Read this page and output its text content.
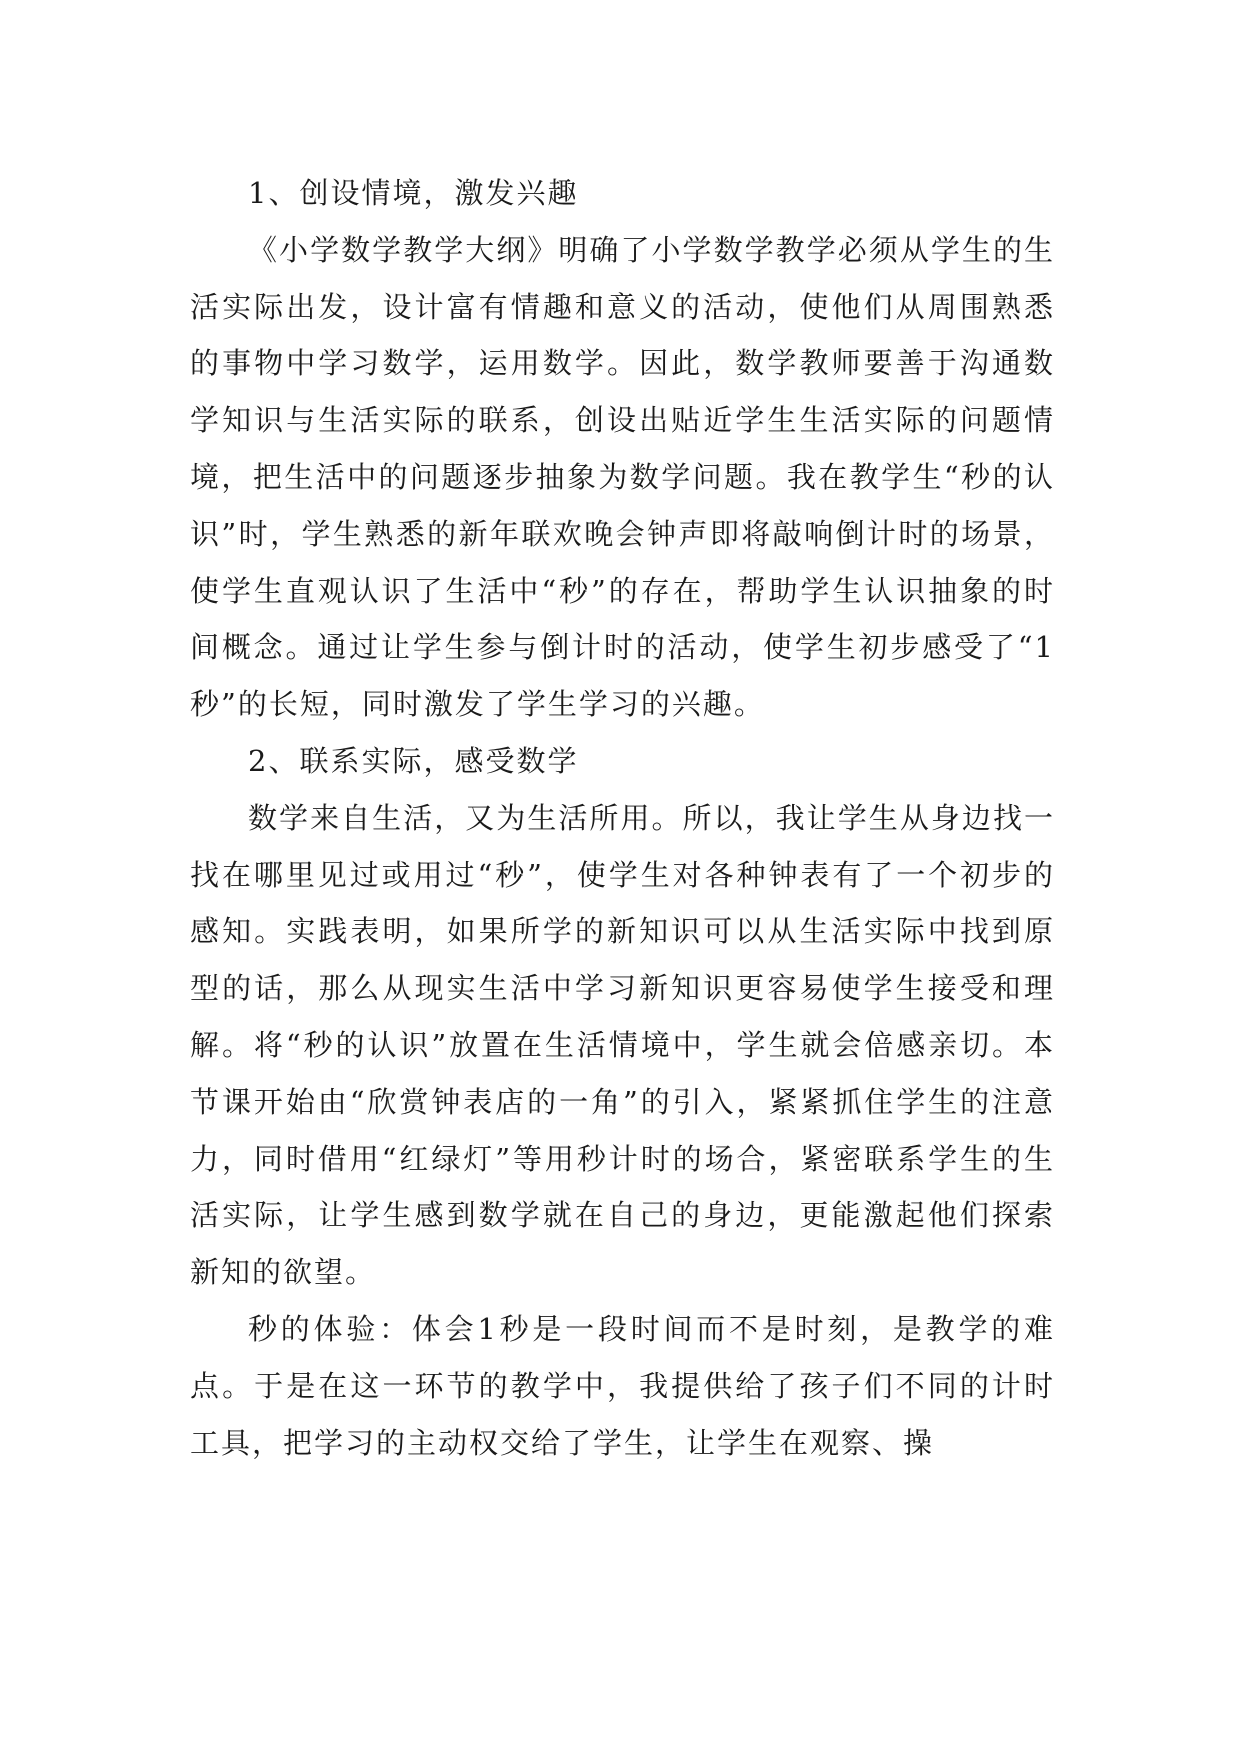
1、创设情境，激发兴趣

《小学数学教学大纲》明确了小学数学教学必须从学生的生活实际出发，设计富有情趣和意义的活动，使他们从周围熟悉的事物中学习数学，运用数学。因此，数学教师要善于沟通数学知识与生活实际的联系，创设出贴近学生生活实际的问题情境，把生活中的问题逐步抽象为数学问题。我在教学生“秒的认识”时，学生熟悉的新年联欢晚会钟声即将敲响倒计时的场景，使学生直观认识了生活中“秒”的存在，帮助学生认识抽象的时间概念。通过让学生参与倒计时的活动，使学生初步感受了“1秒”的长短，同时激发了学生学习的兴趣。

2、联系实际，感受数学

数学来自生活，又为生活所用。所以，我让学生从身边找一找在哪里见过或用过“秒”，使学生对各种钟表有了一个初步的感知。实践表明，如果所学的新知识可以从生活实际中找到原型的话，那么从现实生活中学习新知识更容易使学生接受和理解。将“秒的认识”放置在生活情境中，学生就会倍感亲切。本节课开始由“欣赏钟表店的一角”的引入，紧紧抓住学生的注意力，同时借用“红绿灯”等用秒计时的场合，紧密联系学生的生活实际，让学生感到数学就在自己的身边，更能激起他们探索新知的欲望。

秒的体验：体会1秒是一段时间而不是时刻，是教学的难点。于是在这一环节的教学中，我提供给了孩子们不同的计时工具，把学习的主动权交给了学生，让学生在观察、操
